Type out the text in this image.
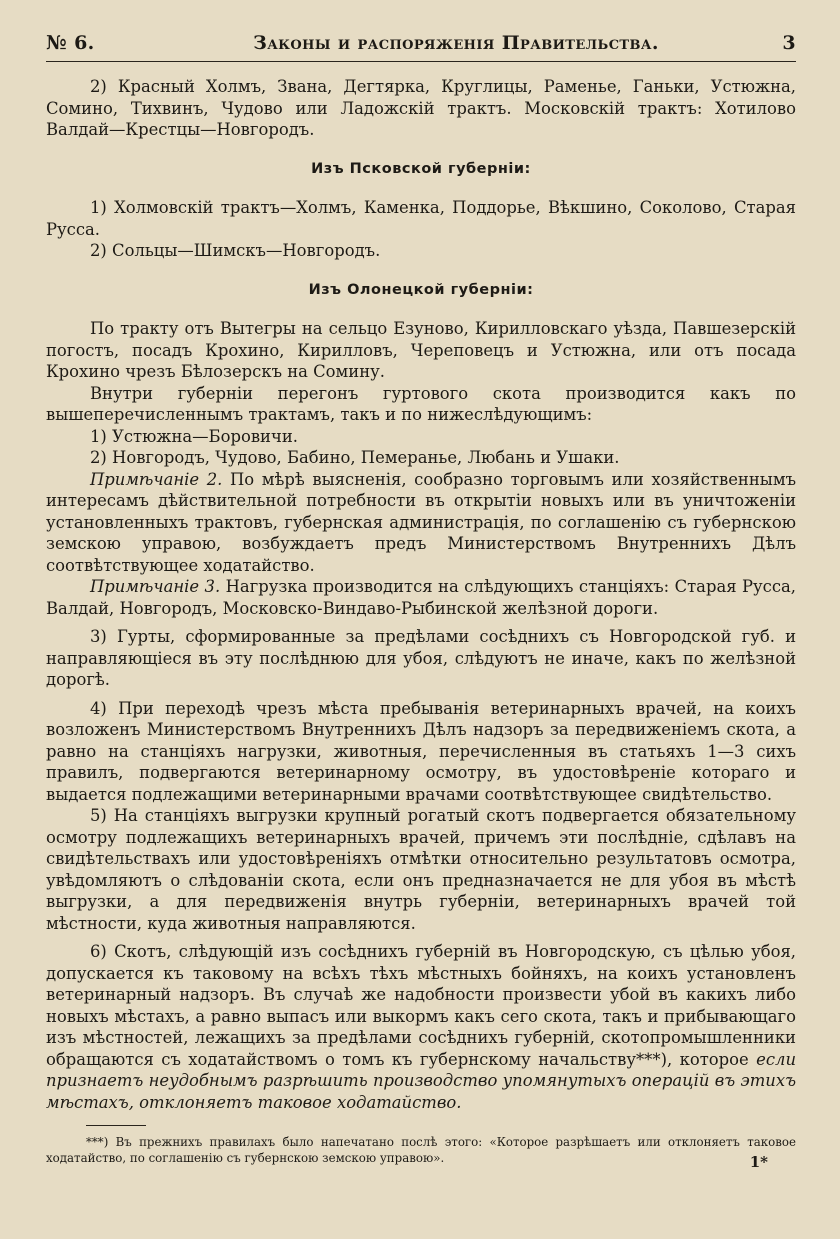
№ 6.	Законы и распоряженія Правительства.	3

2) Красный Холмъ, Звана, Дегтярка, Круглицы, Раменье, Ганьки, Устюжна, Сомино, Тихвинъ, Чудово или Ладожскій трактъ. Московскій трактъ: Хотилово Валдай—Крестцы—Новгородъ.

Изъ Псковской губерніи:

1) Холмовскій трактъ—Холмъ, Каменка, Поддорье, Вѣкшино, Соколово, Старая Русса.

2) Сольцы—Шимскъ—Новгородъ.

Изъ Олонецкой губерніи:

По тракту отъ Вытегры на сельцо Езуново, Кирилловскаго уѣзда, Павшезерскій погостъ, посадъ Крохино, Кирилловъ, Череповецъ и Устюжна, или отъ посада Крохино чрезъ Бѣлозерскъ на Сомину.

Внутри губерніи перегонъ гуртового скота производится какъ по вышеперечисленнымъ трактамъ, такъ и по нижеслѣдующимъ:

1) Устюжна—Боровичи.

2) Новгородъ, Чудово, Бабино, Пемеранье, Любань и Ушаки.

Примѣчаніе 2. По мѣрѣ выясненія, сообразно торговымъ или хозяйственнымъ интересамъ дѣйствительной потребности въ открытіи новыхъ или въ уничтоженіи установленныхъ трактовъ, губернская администрація, по соглашенію съ губернскою земскою управою, возбуждаетъ предъ Министерствомъ Внутреннихъ Дѣлъ соотвѣтствующее ходатайство.

Примѣчаніе 3. Нагрузка производится на слѣдующихъ станціяхъ: Старая Русса, Валдай, Новгородъ, Московско-Виндаво-Рыбинской желѣзной дороги.

3) Гурты, сформированные за предѣлами сосѣднихъ съ Новгородской губ. и направляющіеся въ эту послѣднюю для убоя, слѣдуютъ не иначе, какъ по желѣзной дорогѣ.

4) При переходѣ чрезъ мѣста пребыванія ветеринарныхъ врачей, на коихъ возложенъ Министерствомъ Внутреннихъ Дѣлъ надзоръ за передвиженіемъ скота, а равно на станціяхъ нагрузки, животныя, перечисленныя въ статьяхъ 1—3 сихъ правилъ, подвергаются ветеринарному осмотру, въ удостовѣреніе котораго и выдается подлежащими ветеринарными врачами соотвѣтствующее свидѣтельство.

5) На станціяхъ выгрузки крупный рогатый скотъ подвергается обязательному осмотру подлежащихъ ветеринарныхъ врачей, причемъ эти послѣдніе, сдѣлавъ на свидѣтельствахъ или удостовѣреніяхъ отмѣтки относительно результатовъ осмотра, увѣдомляютъ о слѣдованіи скота, если онъ предназначается не для убоя въ мѣстѣ выгрузки, а для передвиженія внутрь губерніи, ветеринарныхъ врачей той мѣстности, куда животныя направляются.

6) Скотъ, слѣдующій изъ сосѣднихъ губерній въ Новгородскую, съ цѣлью убоя, допускается къ таковому на всѣхъ тѣхъ мѣстныхъ бойняхъ, на коихъ установленъ ветеринарный надзоръ. Въ случаѣ же надобности произвести убой въ какихъ либо новыхъ мѣстахъ, а равно выпасъ или выкормъ какъ сего скота, такъ и прибывающаго изъ мѣстностей, лежащихъ за предѣлами сосѣднихъ губерній, скотопромышленники обращаются съ ходатайствомъ о томъ къ губернскому начальству***), которое если признаетъ неудобнымъ разрѣшить производство упомянутыхъ операцій въ этихъ мѣстахъ, отклоняетъ таковое ходатайство.

***) Въ прежнихъ правилахъ было напечатано послѣ этого: «Которое разрѣшаетъ или отклоняетъ таковое ходатайство, по соглашенію съ губернскою земскою управою».	1*
